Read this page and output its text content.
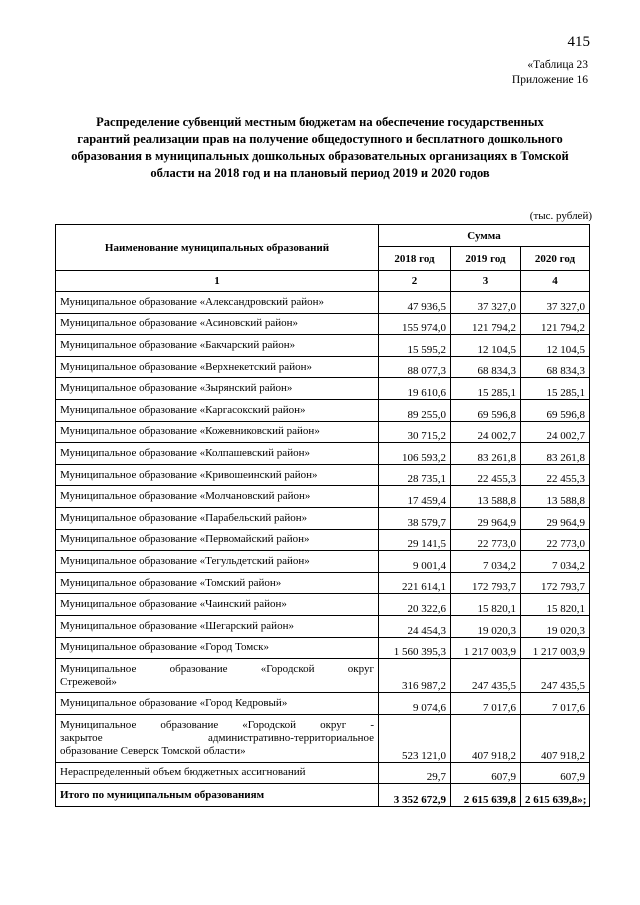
415
«Таблица 23
Приложение 16

Распределение субвенций местным бюджетам на обеспечение государственных гарантий реализации прав на получение общедоступного и бесплатного дошкольного образования в муниципальных дошкольных образовательных организациях в Томской области на 2018 год и на плановый период 2019 и 2020 годов

(тыс. рублей)
Наименование муниципальных образований	Сумма		
	2018 год	2019 год	2020 год
1	2	3	4
Муниципальное образование «Александровский район»	47 936,5	37 327,0	37 327,0
Муниципальное образование «Асиновский район»	155 974,0	121 794,2	121 794,2
Муниципальное образование «Бакчарский район»	15 595,2	12 104,5	12 104,5
Муниципальное образование «Верхнекетский район»	88 077,3	68 834,3	68 834,3
Муниципальное образование «Зырянский район»	19 610,6	15 285,1	15 285,1
Муниципальное образование «Каргасокский район»	89 255,0	69 596,8	69 596,8
Муниципальное образование «Кожевниковский район»	30 715,2	24 002,7	24 002,7
Муниципальное образование «Колпашевский район»	106 593,2	83 261,8	83 261,8
Муниципальное образование «Кривошеинский район»	28 735,1	22 455,3	22 455,3
Муниципальное образование «Молчановский район»	17 459,4	13 588,8	13 588,8
Муниципальное образование «Парабельский район»	38 579,7	29 964,9	29 964,9
Муниципальное образование «Первомайский район»	29 141,5	22 773,0	22 773,0
Муниципальное образование «Тегульдетский район»	9 001,4	7 034,2	7 034,2
Муниципальное образование «Томский район»	221 614,1	172 793,7	172 793,7
Муниципальное образование «Чаинский район»	20 322,6	15 820,1	15 820,1
Муниципальное образование «Шегарский район»	24 454,3	19 020,3	19 020,3
Муниципальное образование «Город Томск»	1 560 395,3	1 217 003,9	1 217 003,9

Муниципальное образование «Городской округ
Стрежевой»	316 987,2	247 435,5	247 435,5
Муниципальное образование «Город Кедровый»	9 074,6	7 017,6	7 017,6

Муниципальное образование «Городской округ -
закрытое административно-территориальное
образование Северск Томской области»	523 121,0	407 918,2	407 918,2
Нераспределенный объем бюджетных ассигнований	29,7	607,9	607,9
Итого по муниципальным образованиям	3 352 672,9	2 615 639,8	2 615 639,8»;
